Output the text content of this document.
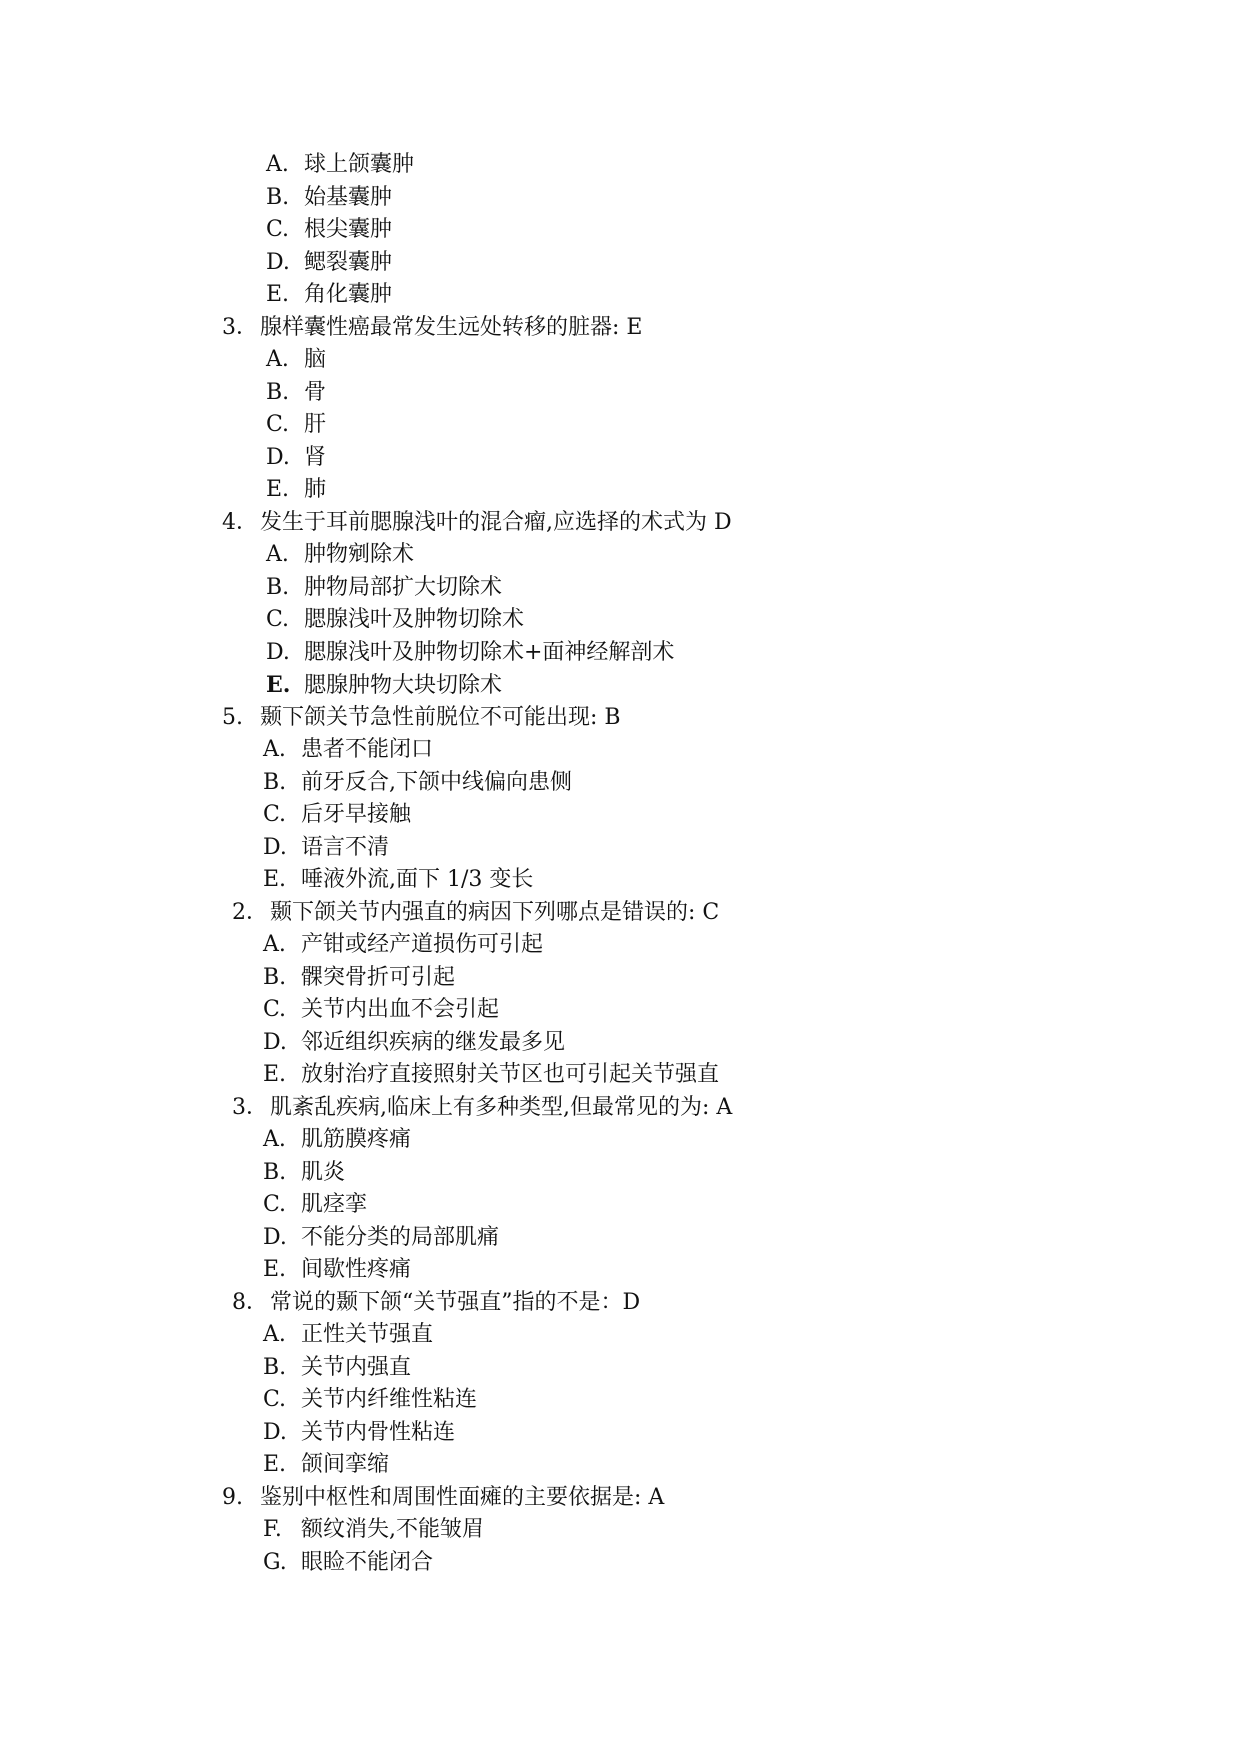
A. 球上颌囊肿
B. 始基囊肿
C. 根尖囊肿
D. 鳃裂囊肿
E. 角化囊肿
3．腺样囊性癌最常发生远处转移的脏器: E
A. 脑
B. 骨
C. 肝
D. 肾
E. 肺
4．发生于耳前腮腺浅叶的混合瘤,应选择的术式为 D
A. 肿物剜除术
B. 肿物局部扩大切除术
C. 腮腺浅叶及肿物切除术
D. 腮腺浅叶及肿物切除术+面神经解剖术
E. 腮腺肿物大块切除术
5. 颞下颌关节急性前脱位不可能出现: B
A. 患者不能闭口
B. 前牙反合,下颌中线偏向患侧
C. 后牙早接触
D. 语言不清
E. 唾液外流,面下 1/3 变长
2．颞下颌关节内强直的病因下列哪点是错误的: C
A. 产钳或经产道损伤可引起
B. 髁突骨折可引起
C. 关节内出血不会引起
D. 邻近组织疾病的继发最多见
E. 放射治疗直接照射关节区也可引起关节强直
3．肌紊乱疾病,临床上有多种类型,但最常见的为: A
A. 肌筋膜疼痛
B. 肌炎
C. 肌痉挛
D. 不能分类的局部肌痛
E. 间歇性疼痛
8．常说的颞下颌“关节强直”指的不是：D
A. 正性关节强直
B. 关节内强直
C. 关节内纤维性粘连
D. 关节内骨性粘连
E. 颌间挛缩
9. 鉴别中枢性和周围性面瘫的主要依据是: A
F. 额纹消失,不能皱眉
G. 眼睑不能闭合
